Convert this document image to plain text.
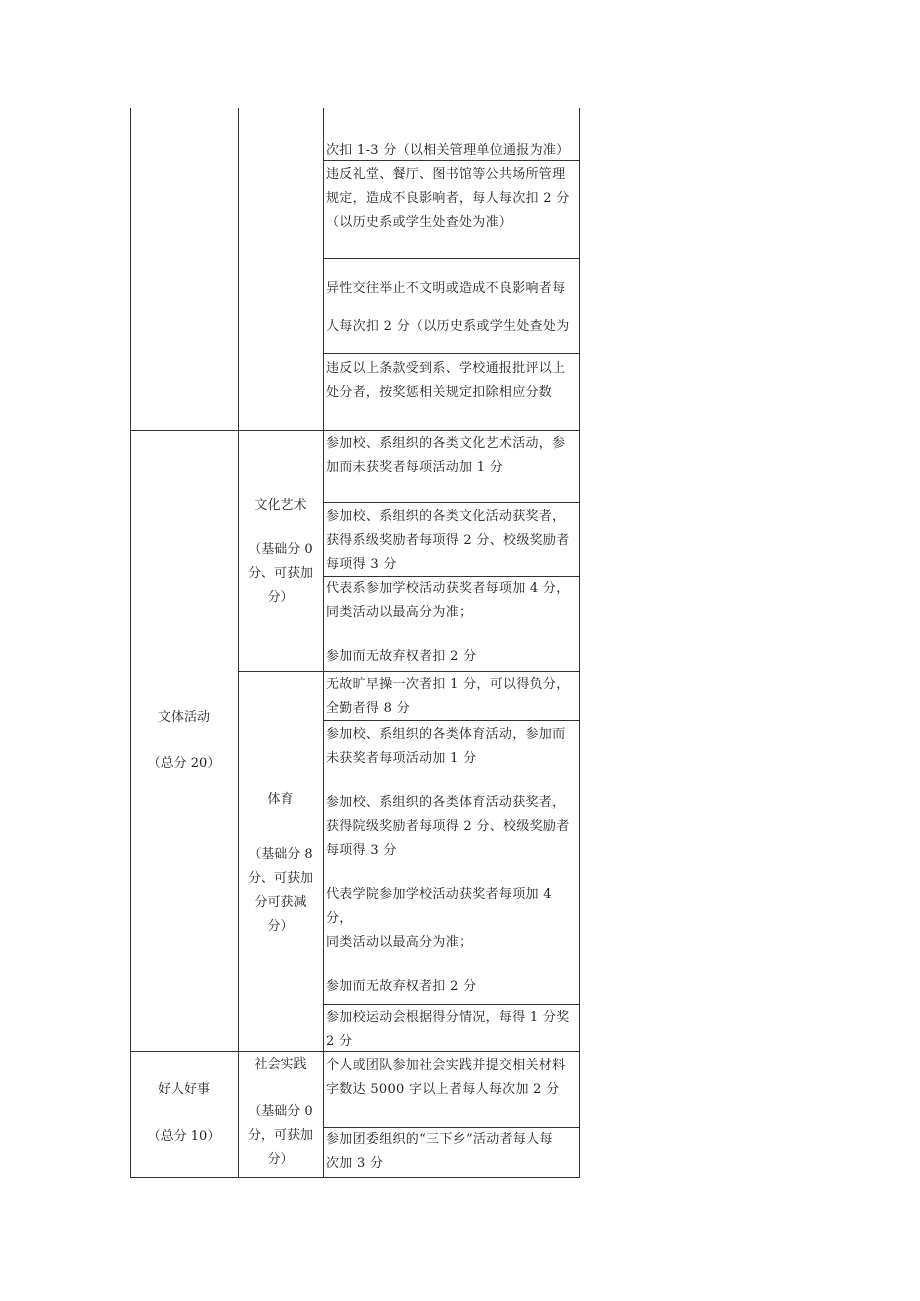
次扣 1-3 分（以相关管理单位通报为准）
违反礼堂、餐厅、图书馆等公共场所管理
规定，造成不良影响者，每人每次扣 2 分
（以历史系或学生处查处为准）
异性交往举止不文明或造成不良影响者每
人每次扣 2 分（以历史系或学生处查处为
违反以上条款受到系、学校通报批评以上
处分者，按奖惩相关规定扣除相应分数
文体活动
（总分 20）
文化艺术
（基础分 0
分、可获加
分）
参加校、系组织的各类文化艺术活动，参
加而未获奖者每项活动加 1 分
参加校、系组织的各类文化活动获奖者，
获得系级奖励者每项得 2 分、校级奖励者
每项得 3 分
代表系参加学校活动获奖者每项加 4 分，
同类活动以最高分为准；
参加而无故弃权者扣 2 分
体育
（基础分 8
分、可获加
分可获减
分）
无故旷早操一次者扣 1 分，可以得负分，
全勤者得 8 分
参加校、系组织的各类体育活动，参加而
未获奖者每项活动加 1 分
参加校、系组织的各类体育活动获奖者，
获得院级奖励者每项得 2 分、校级奖励者
每项得 3 分
代表学院参加学校活动获奖者每项加 4 分，
同类活动以最高分为准；
参加而无故弃权者扣 2 分
参加校运动会根据得分情况，每得 1 分奖
2 分
好人好事
（总分 10）
社会实践
（基础分 0
分，可获加
分）
个人或团队参加社会实践并提交相关材料
字数达 5000 字以上者每人每次加 2 分
参加团委组织的“三下乡”活动者每人每
次加 3 分
